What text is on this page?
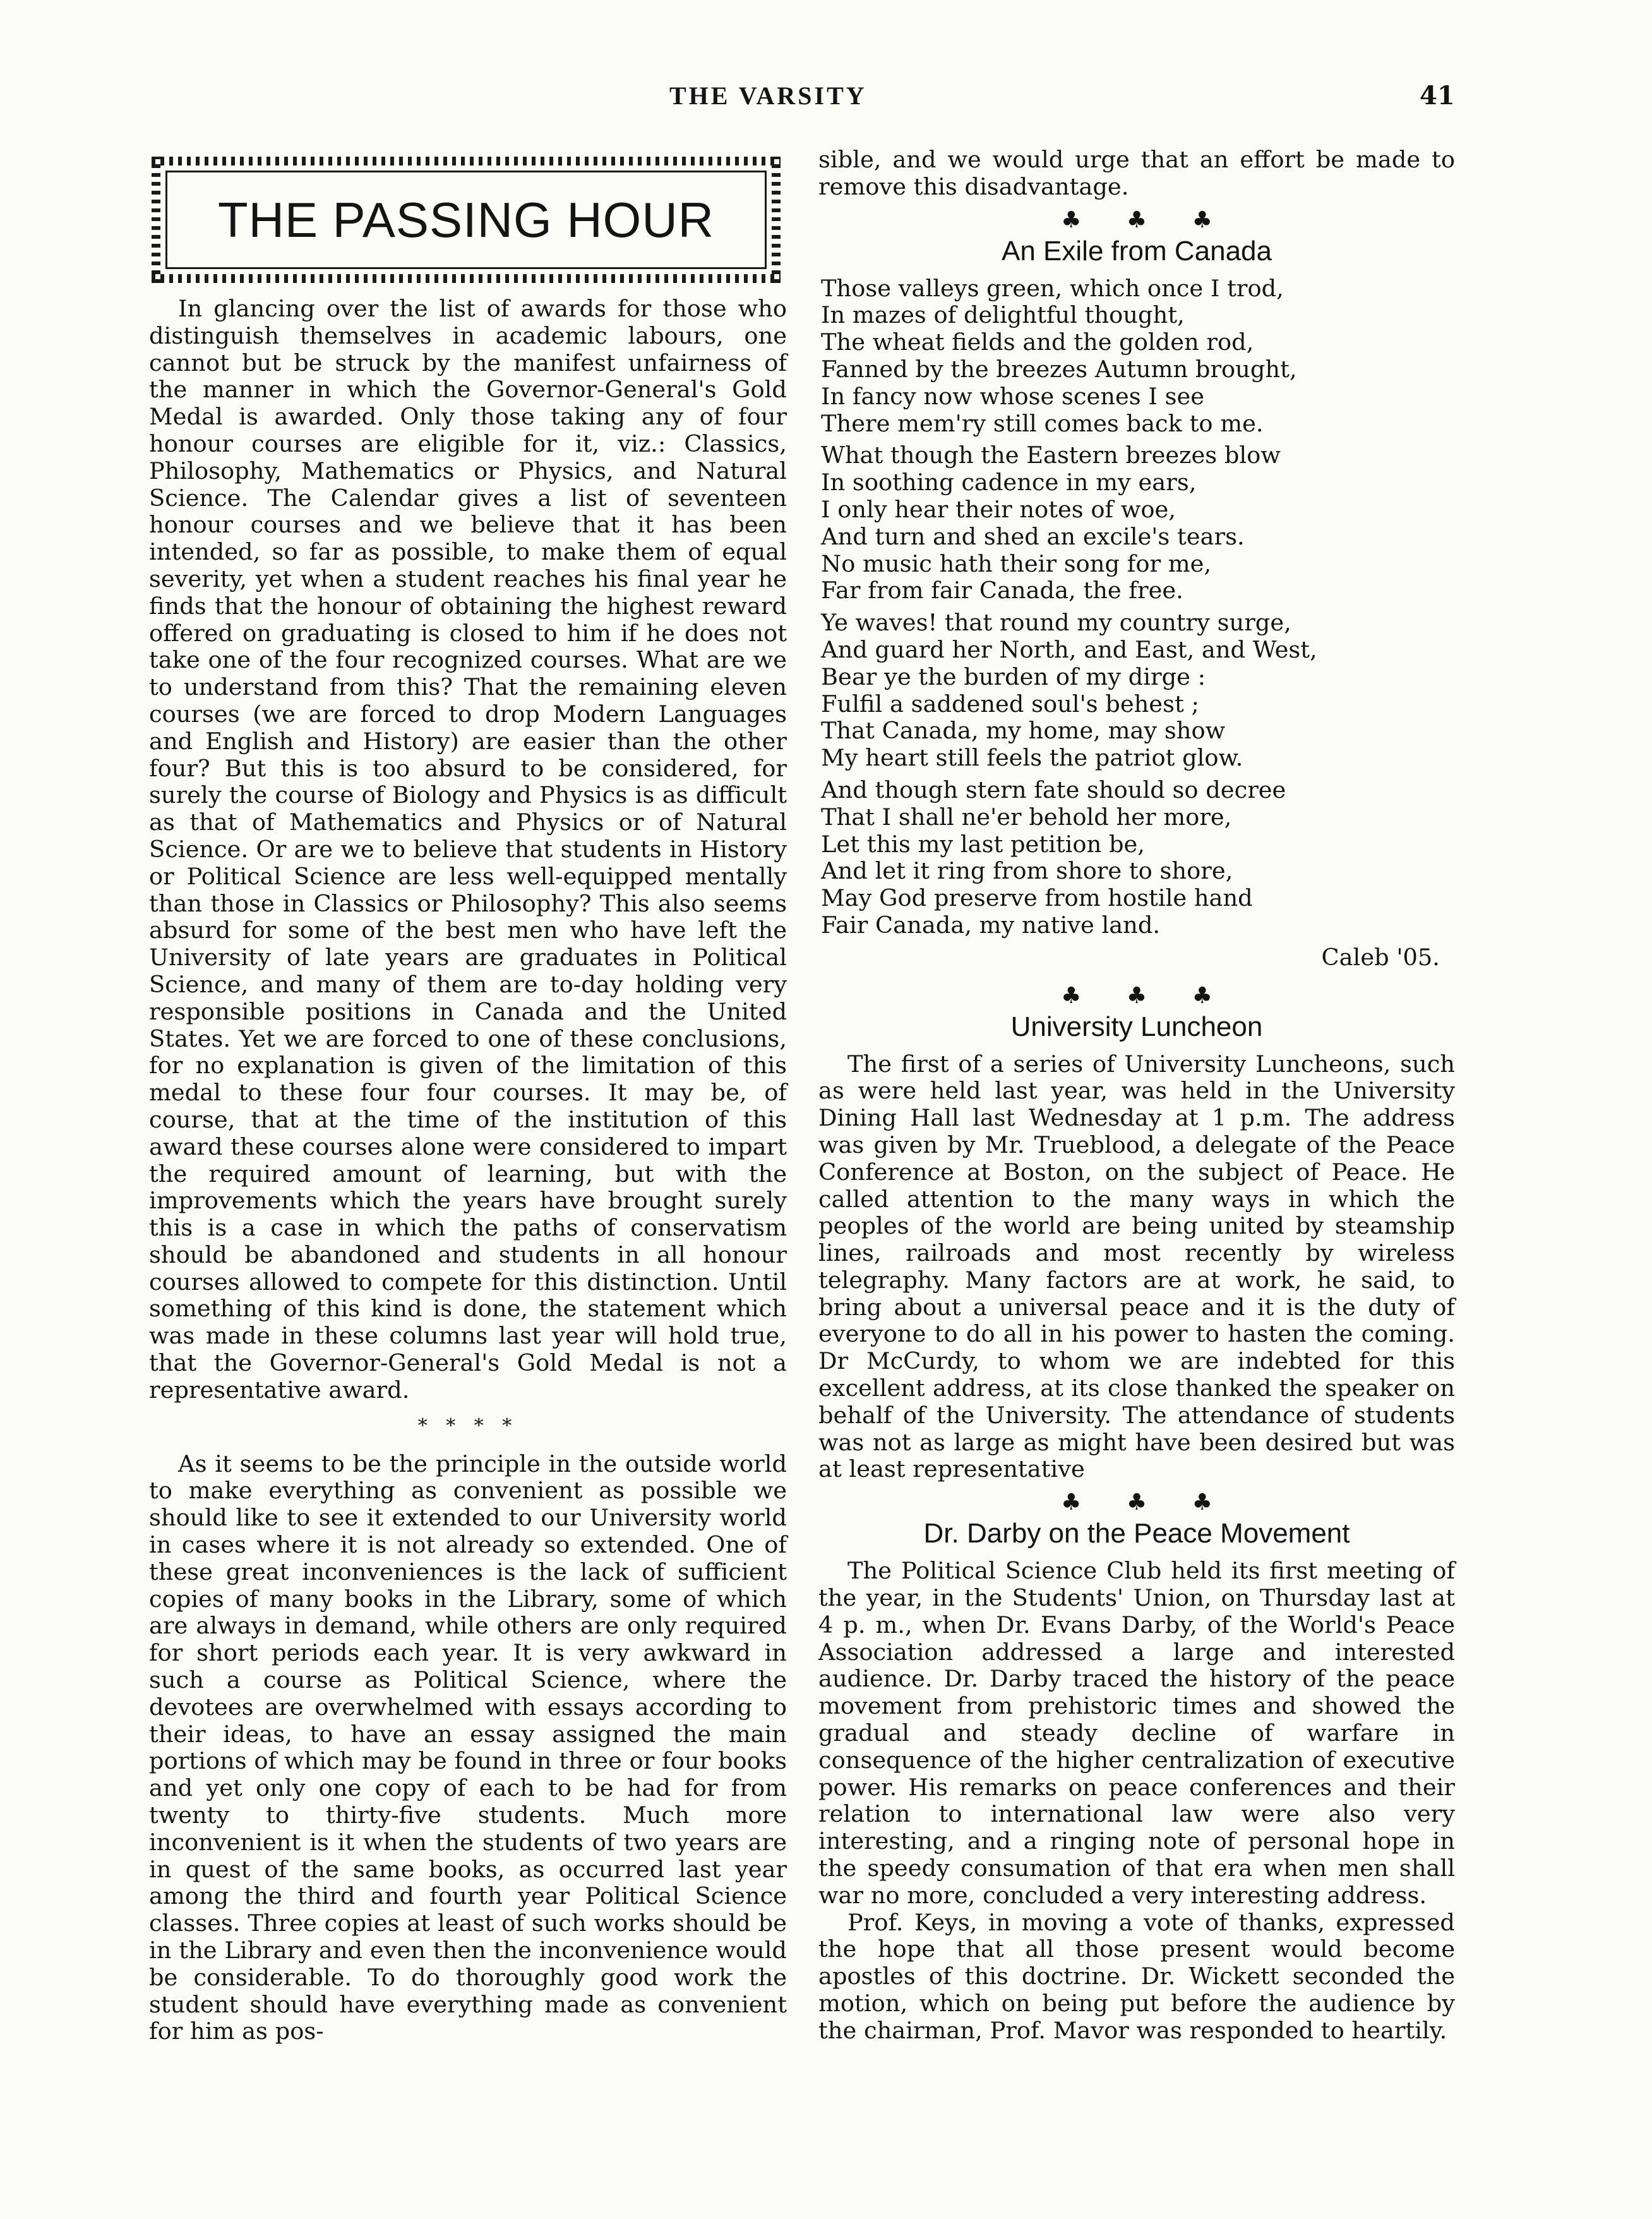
THE VARSITY	41
THE PASSING HOUR

In glancing over the list of awards for those who distinguish themselves in academic labours, one cannot but be struck by the manifest unfairness of the manner in which the Governor-General's Gold Medal is awarded. Only those taking any of four honour courses are eligible for it, viz.: Classics, Philosophy, Mathematics or Physics, and Natural Science. The Calendar gives a list of seventeen honour courses and we believe that it has been intended, so far as possible, to make them of equal severity, yet when a student reaches his final year he finds that the honour of obtaining the highest reward offered on graduating is closed to him if he does not take one of the four recognized courses. What are we to understand from this? That the remaining eleven courses (we are forced to drop Modern Languages and English and History) are easier than the other four? But this is too absurd to be considered, for surely the course of Biology and Physics is as difficult as that of Mathematics and Physics or of Natural Science. Or are we to believe that students in History or Political Science are less well-equipped mentally than those in Classics or Philosophy? This also seems absurd for some of the best men who have left the University of late years are graduates in Political Science, and many of them are to-day holding very responsible positions in Canada and the United States. Yet we are forced to one of these conclusions, for no explanation is given of the limitation of this medal to these four four courses. It may be, of course, that at the time of the institution of this award these courses alone were considered to impart the required amount of learning, but with the improvements which the years have brought surely this is a case in which the paths of conservatism should be abandoned and students in all honour courses allowed to compete for this distinction. Until something of this kind is done, the statement which was made in these columns last year will hold true, that the Governor-General's Gold Medal is not a representative award.

* * * *

As it seems to be the principle in the outside world to make everything as convenient as possible we should like to see it extended to our University world in cases where it is not already so extended. One of these great inconveniences is the lack of sufficient copies of many books in the Library, some of which are always in demand, while others are only required for short periods each year. It is very awkward in such a course as Political Science, where the devotees are overwhelmed with essays according to their ideas, to have an essay assigned the main portions of which may be found in three or four books and yet only one copy of each to be had for from twenty to thirty-five students. Much more inconvenient is it when the students of two years are in quest of the same books, as occurred last year among the third and fourth year Political Science classes. Three copies at least of such works should be in the Library and even then the inconvenience would be considerable. To do thoroughly good work the student should have everything made as convenient for him as pos-

sible, and we would urge that an effort be made to remove this disadvantage.

♣ ♣ ♣
An Exile from Canada
Those valleys green, which once I trod,
In mazes of delightful thought,
The wheat fields and the golden rod,
Fanned by the breezes Autumn brought,
In fancy now whose scenes I see
There mem'ry still comes back to me.
What though the Eastern breezes blow
In soothing cadence in my ears,
I only hear their notes of woe,
And turn and shed an excile's tears.
No music hath their song for me,
Far from fair Canada, the free.
Ye waves! that round my country surge,
And guard her North, and East, and West,
Bear ye the burden of my dirge :
Fulfil a saddened soul's behest ;
That Canada, my home, may show
My heart still feels the patriot glow.
And though stern fate should so decree
That I shall ne'er behold her more,
Let this my last petition be,
And let it ring from shore to shore,
May God preserve from hostile hand
Fair Canada, my native land.
Caleb '05.
♣ ♣ ♣
University Luncheon

The first of a series of University Luncheons, such as were held last year, was held in the University Dining Hall last Wednesday at 1 p.m. The address was given by Mr. Trueblood, a delegate of the Peace Conference at Boston, on the subject of Peace. He called attention to the many ways in which the peoples of the world are being united by steamship lines, railroads and most recently by wireless telegraphy. Many factors are at work, he said, to bring about a universal peace and it is the duty of everyone to do all in his power to hasten the coming. Dr McCurdy, to whom we are indebted for this excellent address, at its close thanked the speaker on behalf of the University. The attendance of students was not as large as might have been desired but was at least representative

♣ ♣ ♣
Dr. Darby on the Peace Movement

The Political Science Club held its first meeting of the year, in the Students' Union, on Thursday last at 4 p. m., when Dr. Evans Darby, of the World's Peace Association addressed a large and interested audience. Dr. Darby traced the history of the peace movement from prehistoric times and showed the gradual and steady decline of warfare in consequence of the higher centralization of executive power. His remarks on peace conferences and their relation to international law were also very interesting, and a ringing note of personal hope in the speedy consumation of that era when men shall war no more, concluded a very interesting address.

Prof. Keys, in moving a vote of thanks, expressed the hope that all those present would become apostles of this doctrine. Dr. Wickett seconded the motion, which on being put before the audience by the chairman, Prof. Mavor was responded to heartily.
